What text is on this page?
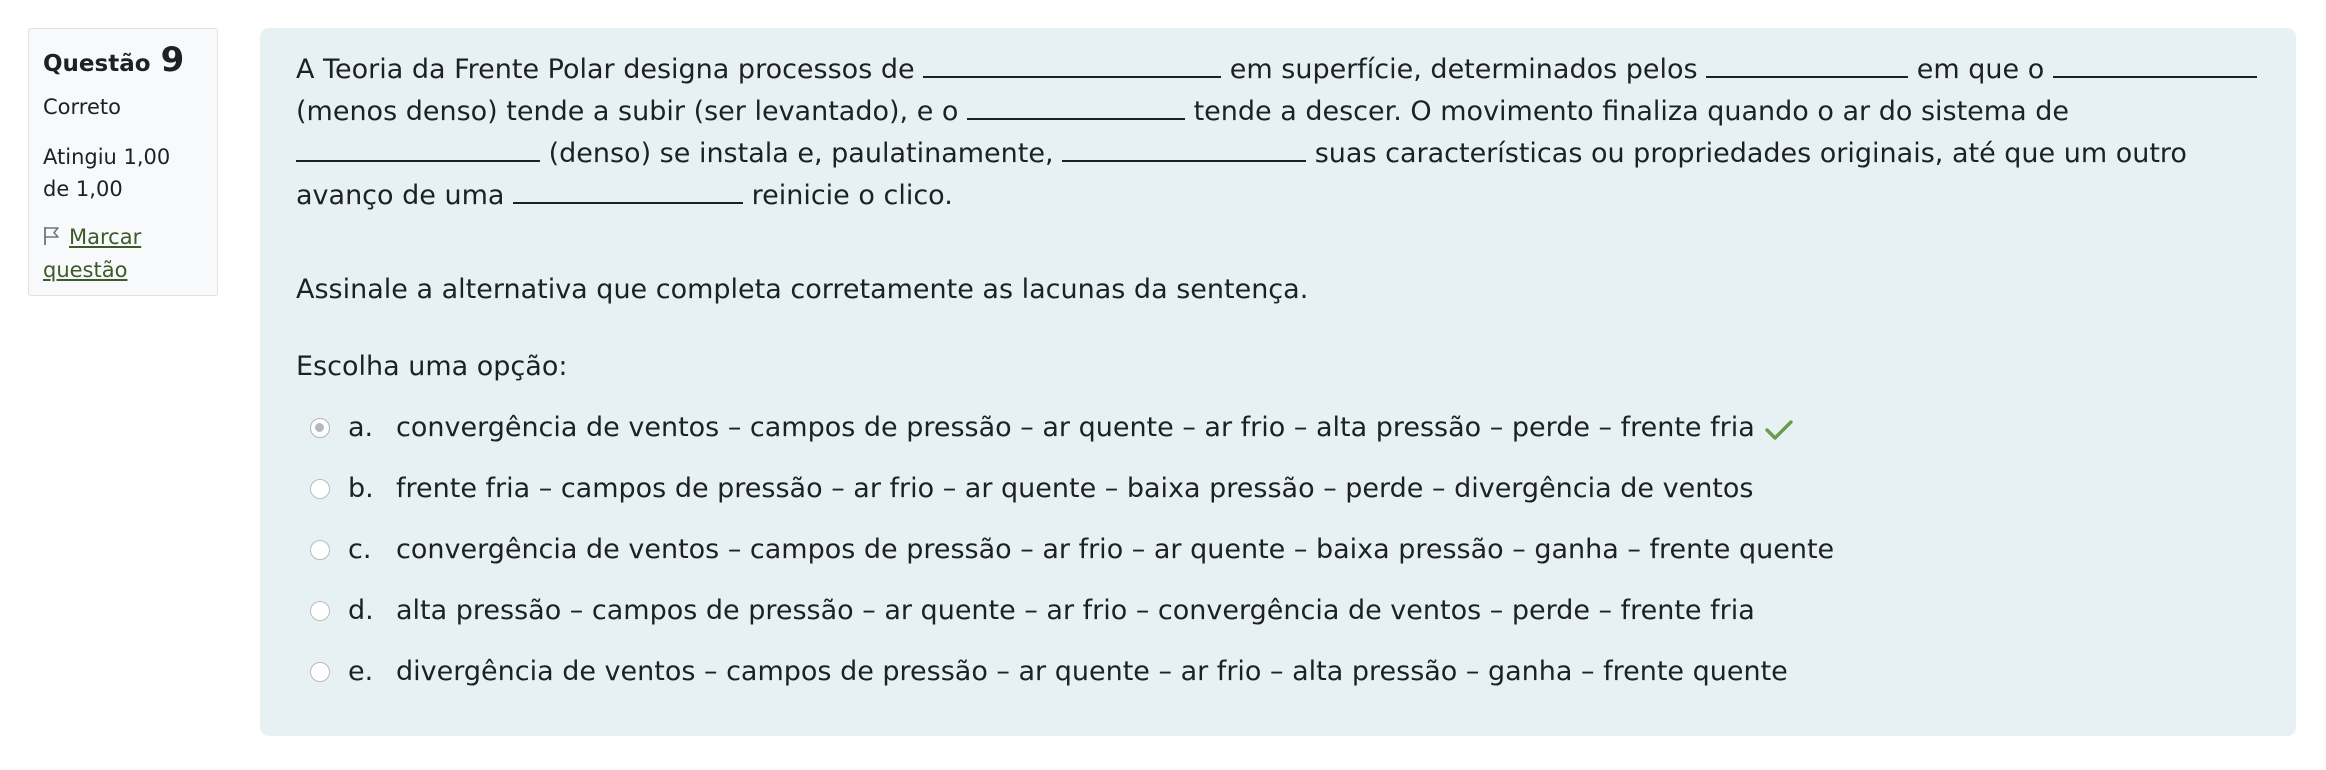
Questão 9
Correto
Atingiu 1,00 de 1,00
Marcar questão

A Teoria da Frente Polar designa processos de	em superfície, determinados pelos	em que o  (menos denso) tende a subir (ser levantado), e o	tende a descer. O movimento finaliza quando o ar do sistema de  (denso) se instala e, paulatinamente,	suas características ou propriedades originais, até que um outro avanço de uma	reinicie o clico.

Assinale a alternativa que completa corretamente as lacunas da sentença.
Escolha uma opção:
a. convergência de ventos – campos de pressão – ar quente – ar frio – alta pressão – perde – frente fria
b. frente fria – campos de pressão – ar frio – ar quente – baixa pressão – perde – divergência de ventos
c. convergência de ventos – campos de pressão – ar frio – ar quente – baixa pressão – ganha – frente quente
d. alta pressão – campos de pressão – ar quente – ar frio – convergência de ventos – perde – frente fria
e. divergência de ventos – campos de pressão – ar quente – ar frio – alta pressão – ganha – frente quente
